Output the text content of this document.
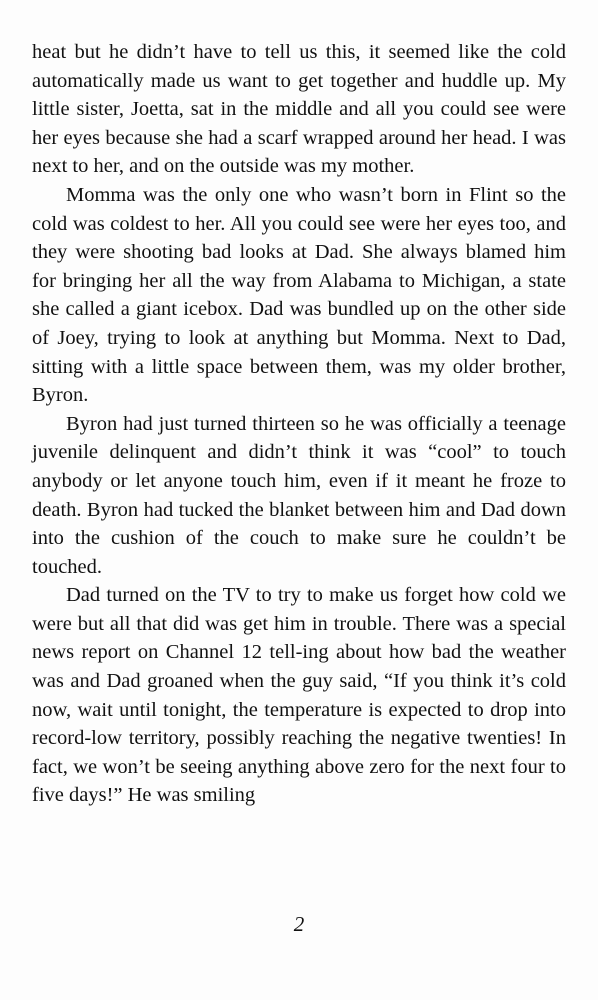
heat but he didn’t have to tell us this, it seemed like the cold automatically made us want to get together and huddle up. My little sister, Joetta, sat in the middle and all you could see were her eyes because she had a scarf wrapped around her head. I was next to her, and on the outside was my mother.

Momma was the only one who wasn’t born in Flint so the cold was coldest to her. All you could see were her eyes too, and they were shooting bad looks at Dad. She always blamed him for bringing her all the way from Alabama to Michigan, a state she called a giant icebox. Dad was bundled up on the other side of Joey, trying to look at anything but Momma. Next to Dad, sitting with a little space between them, was my older brother, Byron.

Byron had just turned thirteen so he was officially a teenage juvenile delinquent and didn’t think it was “cool” to touch anybody or let anyone touch him, even if it meant he froze to death. Byron had tucked the blanket between him and Dad down into the cushion of the couch to make sure he couldn’t be touched.

Dad turned on the TV to try to make us forget how cold we were but all that did was get him in trouble. There was a special news report on Channel 12 tell-ing about how bad the weather was and Dad groaned when the guy said, “If you think it’s cold now, wait until tonight, the temperature is expected to drop into record-low territory, possibly reaching the negative twenties! In fact, we won’t be seeing anything above zero for the next four to five days!” He was smiling

2
